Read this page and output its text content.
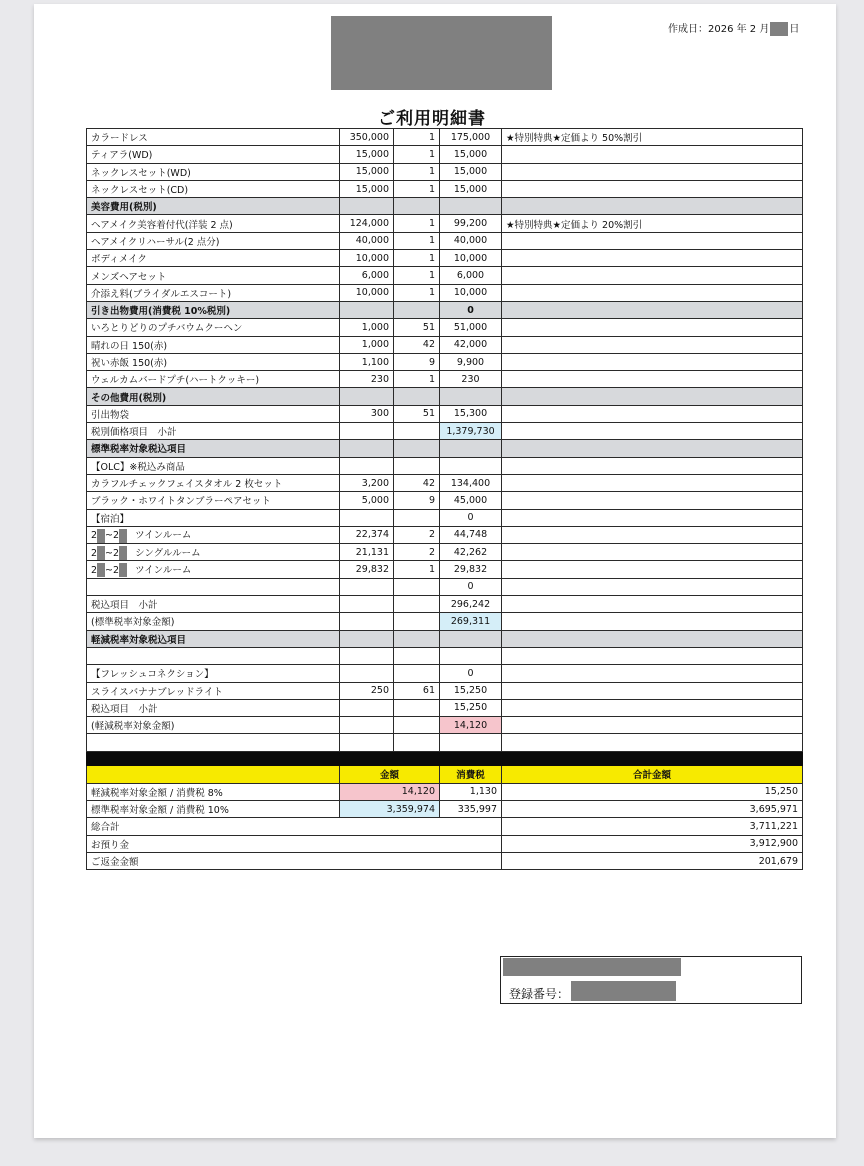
作成日：2026 年 2 月 日
ご利用明細書
カラードレス	350,000	1	175,000	★特別特典★定価より 50%割引
ティアラ(WD)	15,000	1	15,000	
ネックレスセット(WD)	15,000	1	15,000	
ネックレスセット(CD)	15,000	1	15,000	
美容費用(税別)				
ヘアメイク美容着付代(洋装 2 点)	124,000	1	99,200	★特別特典★定価より 20%割引
ヘアメイクリハーサル(2 点分)	40,000	1	40,000	
ボディメイク	10,000	1	10,000	
メンズヘアセット	6,000	1	6,000	
介添え料(ブライダルエスコート)	10,000	1	10,000	
引き出物費用(消費税 10%税別)			0	
いろとりどりのプチバウムクーヘン	1,000	51	51,000	
晴れの日 150(赤)	1,000	42	42,000	
祝い赤飯 150(赤)	1,100	9	9,900	
ウェルカムバードプチ(ハートクッキー)	230	1	230	
その他費用(税別)				
引出物袋	300	51	15,300	
税別価格項目　小計			1,379,730	
標準税率対象税込項目				
【OLC】※税込み商品				
カラフルチェックフェイスタオル 2 枚セット	3,200	42	134,400	
ブラック・ホワイトタンブラーペアセット	5,000	9	45,000	
【宿泊】			0	
2 ~2 ツインルーム	22,374	2	44,748	
2 ~2 シングルルーム	21,131	2	42,262	
2 ~2 ツインルーム	29,832	1	29,832	
			0	
税込項目　小計			296,242	
(標準税率対象金額)			269,311	
軽減税率対象税込項目				

【フレッシュコネクション】			0	
スライスバナナブレッドライト	250	61	15,250	
税込項目　小計			15,250	
(軽減税率対象金額)			14,120	

	金額		消費税	合計金額
軽減税率対象金額 / 消費税 8%	14,120		1,130	15,250
標準税率対象金額 / 消費税 10%	3,359,974		335,997	3,695,971
総合計				3,711,221
お預り金				3,912,900
ご返金金額				201,679
登録番号：
